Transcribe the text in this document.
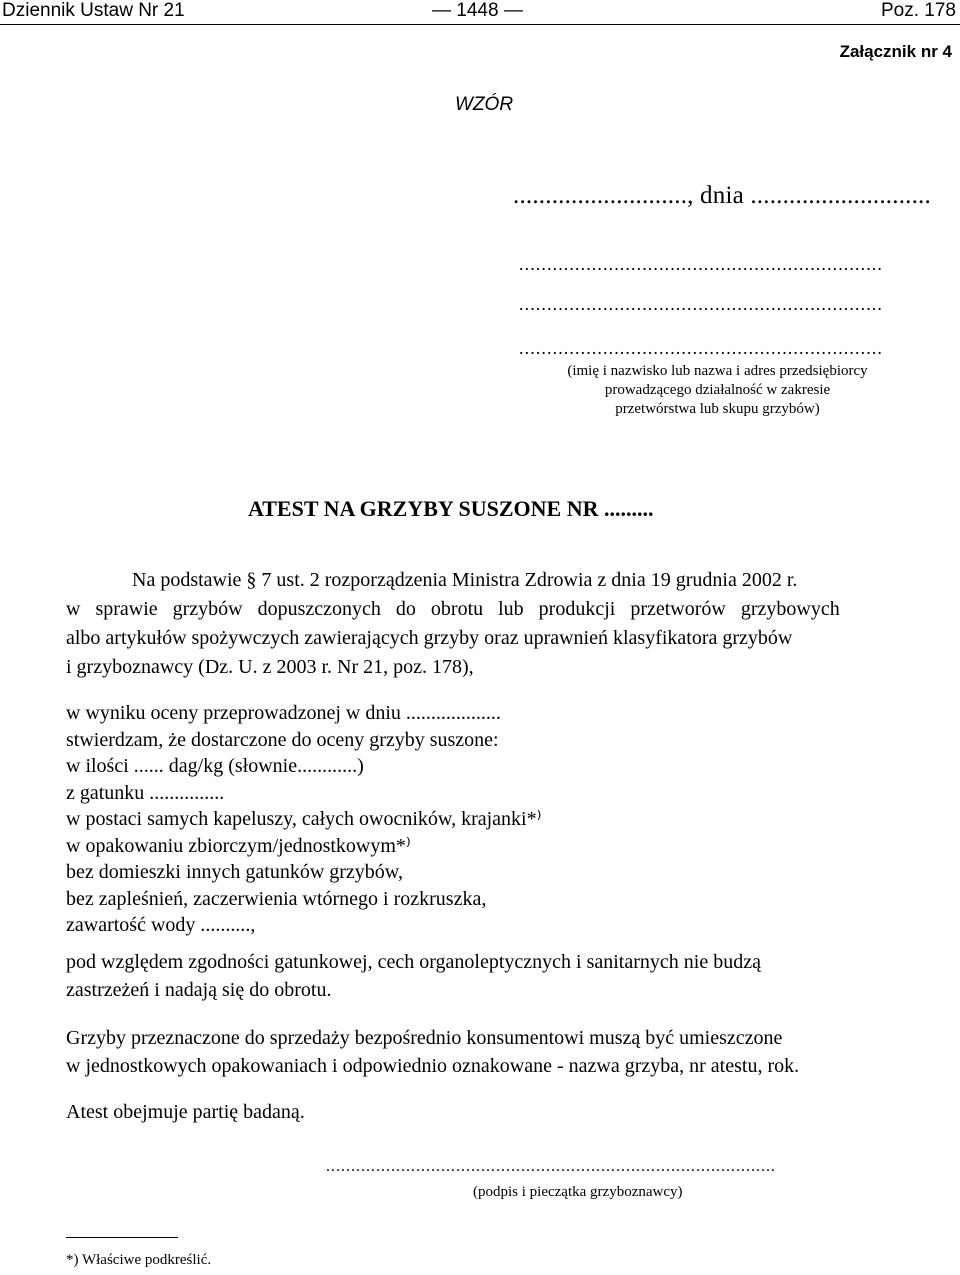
Dziennik Ustaw Nr 21	— 1448 —	Poz. 178
Załącznik nr 4
WZÓR
..........................., dnia ............................
.................................................................
.................................................................
.................................................................
(imię i nazwisko lub nazwa i adres przedsiębiorcy
prowadzącego działalność w zakresie
przetwórstwa lub skupu grzybów)
ATEST NA GRZYBY SUSZONE NR .........
Na podstawie § 7 ust. 2 rozporządzenia Ministra Zdrowia z dnia 19 grudnia 2002 r.
w sprawie grzybów dopuszczonych do obrotu lub produkcji przetworów grzybowych
albo artykułów spożywczych zawierających grzyby oraz uprawnień klasyfikatora grzybów
i grzyboznawcy (Dz. U. z 2003 r. Nr 21, poz. 178),
w wyniku oceny przeprowadzonej w dniu ...................
stwierdzam, że dostarczone do oceny grzyby suszone:
w ilości ...... dag/kg (słownie............)
z gatunku ...............
w postaci samych kapeluszy, całych owocników, krajanki*⁾
w opakowaniu zbiorczym/jednostkowym*⁾
bez domieszki innych gatunków grzybów,
bez zapleśnień, zaczerwienia wtórnego i rozkruszka,
zawartość wody ..........,
pod względem zgodności gatunkowej, cech organoleptycznych i sanitarnych nie budzą
zastrzeżeń i nadają się do obrotu.
Grzyby przeznaczone do sprzedaży bezpośrednio konsumentowi muszą być umieszczone
w jednostkowych opakowaniach i odpowiednio oznakowane - nazwa grzyba, nr atestu, rok.
Atest obejmuje partię badaną.
..........................................................................................
(podpis i pieczątka grzyboznawcy)
*) Właściwe podkreślić.
